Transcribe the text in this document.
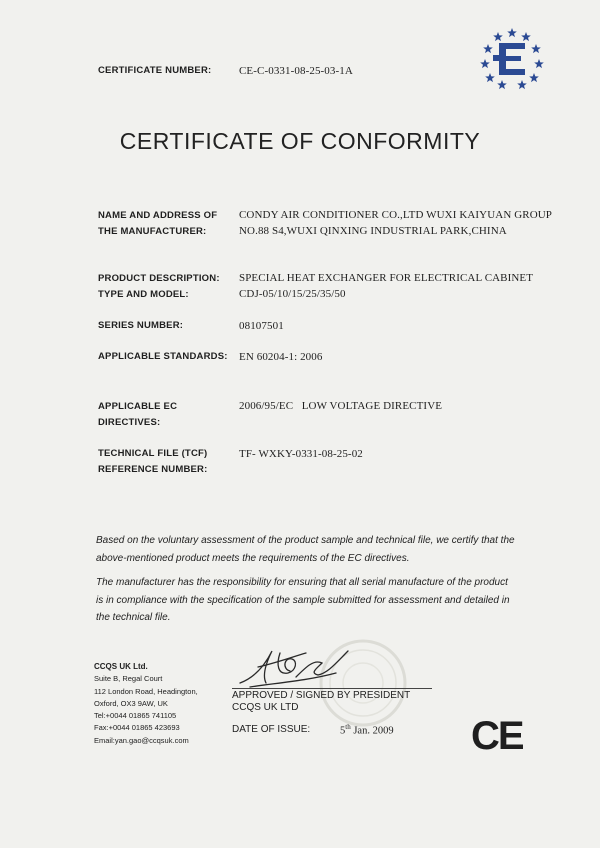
CERTIFICATE NUMBER:	CE-C-0331-08-25-03-1A
CERTIFICATE OF CONFORMITY
NAME AND ADDRESS OF
THE MANUFACTURER:
CONDY AIR CONDITIONER CO.,LTD WUXI KAIYUAN GROUP
NO.88 S4,WUXI QINXING INDUSTRIAL PARK,CHINA
PRODUCT DESCRIPTION:
TYPE AND MODEL:
SPECIAL HEAT EXCHANGER FOR ELECTRICAL CABINET
CDJ-05/10/15/25/35/50
SERIES NUMBER:	08107501
APPLICABLE STANDARDS: EN 60204-1: 2006
APPLICABLE EC
DIRECTIVES:
2006/95/EC   LOW VOLTAGE DIRECTIVE
TECHNICAL FILE (TCF)
REFERENCE NUMBER:
TF- WXKY-0331-08-25-02
Based on the voluntary assessment of the product sample and technical file, we certify that the
above-mentioned product meets the requirements of the EC directives.
The manufacturer has the responsibility for ensuring that all serial manufacture of the product
is in compliance with the specification of the sample submitted for assessment and detailed in
the technical file.
CCQS UK Ltd.
Suite B, Regal Court
112 London Road, Headington,
Oxford, OX3 9AW, UK
Tel:+0044 01865 741105
Fax:+0044 01865 423693
Email:yan.gao@ccqsuk.com
APPROVED / SIGNED BY PRESIDENT
CCQS UK LTD
DATE OF ISSUE:	5th Jan. 2009 CE
